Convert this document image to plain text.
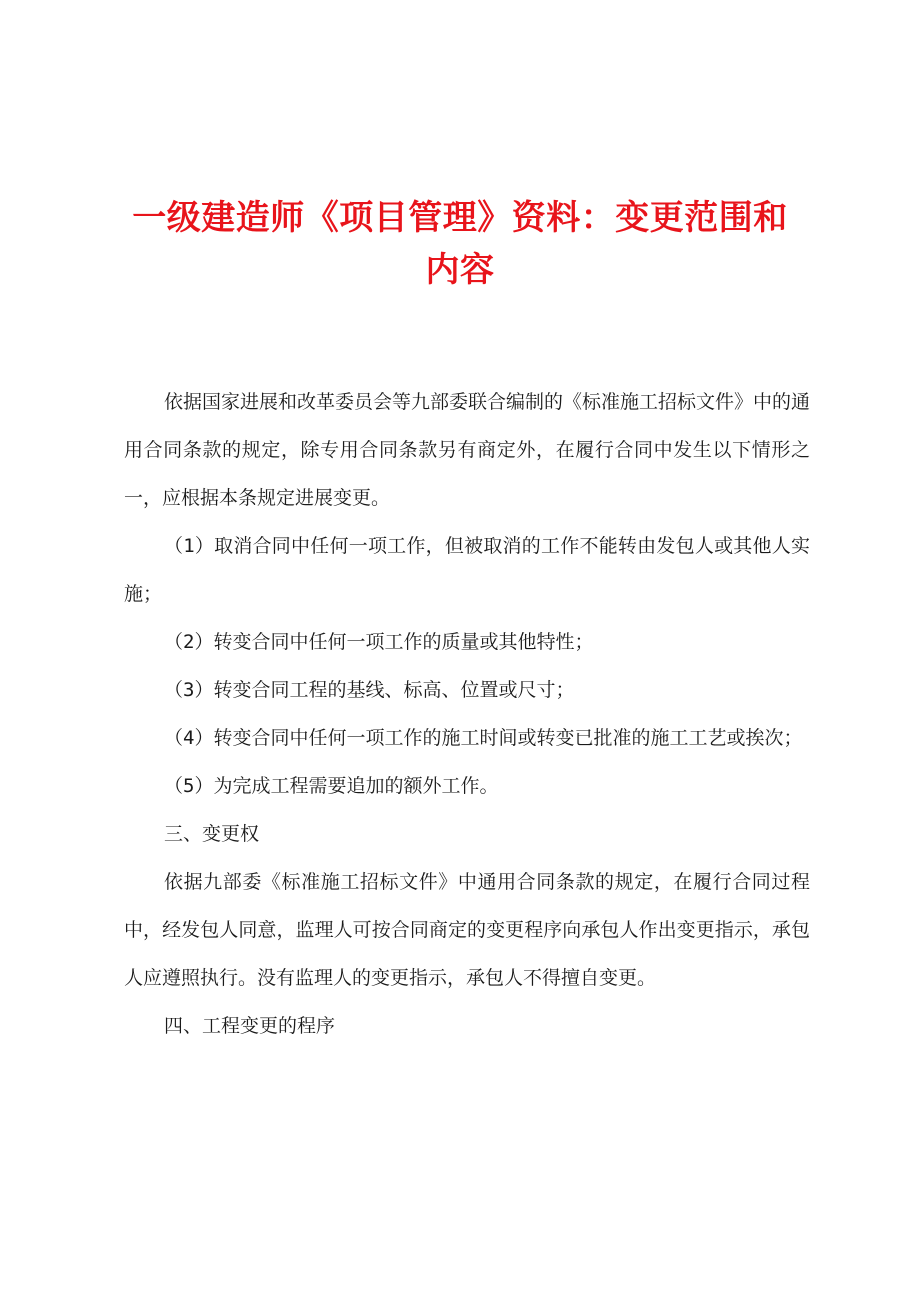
一级建造师《项目管理》资料：变更范围和内容

依据国家进展和改革委员会等九部委联合编制的《标准施工招标文件》中的通用合同条款的规定，除专用合同条款另有商定外，在履行合同中发生以下情形之一，应根据本条规定进展变更。

（1）取消合同中任何一项工作，但被取消的工作不能转由发包人或其他人实施；

（2）转变合同中任何一项工作的质量或其他特性；

（3）转变合同工程的基线、标高、位置或尺寸；

（4）转变合同中任何一项工作的施工时间或转变已批准的施工工艺或挨次；

（5）为完成工程需要追加的额外工作。

三、变更权

依据九部委《标准施工招标文件》中通用合同条款的规定，在履行合同过程中，经发包人同意，监理人可按合同商定的变更程序向承包人作出变更指示，承包人应遵照执行。没有监理人的变更指示，承包人不得擅自变更。

四、工程变更的程序
